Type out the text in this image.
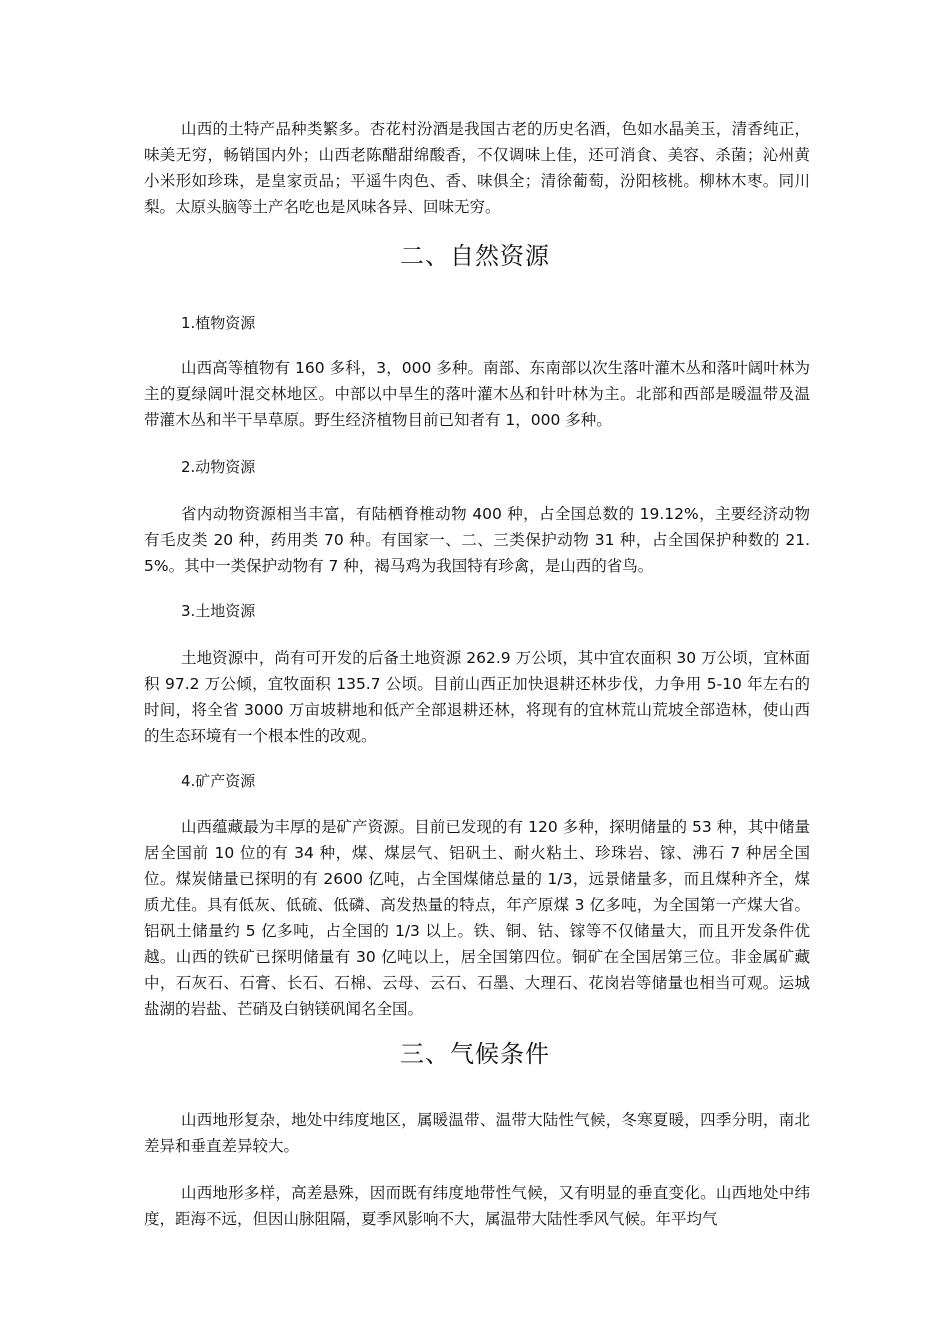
山西的土特产品种类繁多。杏花村汾酒是我国古老的历史名酒，色如水晶美玉，清香纯正，味美无穷，畅销国内外；山西老陈醋甜绵酸香，不仅调味上佳，还可消食、美容、杀菌；沁州黄小米形如珍珠，是皇家贡品；平遥牛肉色、香、味俱全；清徐葡萄，汾阳核桃。柳林木枣。同川梨。太原头脑等土产名吃也是风味各异、回味无穷。

二、自然资源

1.植物资源

山西高等植物有 160 多科，3，000 多种。南部、东南部以次生落叶灌木丛和落叶阔叶林为主的夏绿阔叶混交林地区。中部以中旱生的落叶灌木丛和针叶林为主。北部和西部是暖温带及温带灌木丛和半干旱草原。野生经济植物目前已知者有 1，000 多种。

2.动物资源

省内动物资源相当丰富，有陆栖脊椎动物 400 种，占全国总数的 19.12%，主要经济动物有毛皮类 20 种，药用类 70 种。有国家一、二、三类保护动物 31 种，占全国保护种数的 21.5%。其中一类保护动物有 7 种，褐马鸡为我国特有珍禽，是山西的省鸟。

3.土地资源

土地资源中，尚有可开发的后备土地资源 262.9 万公顷，其中宜农面积 30 万公顷，宜林面积 97.2 万公倾，宜牧面积 135.7 公顷。目前山西正加快退耕还林步伐，力争用 5-10 年左右的时间，将全省 3000 万亩坡耕地和低产全部退耕还林，将现有的宜林荒山荒坡全部造林，使山西的生态环境有一个根本性的改观。

4.矿产资源

山西蕴藏最为丰厚的是矿产资源。目前已发现的有 120 多种，探明储量的 53 种，其中储量居全国前 10 位的有 34 种，煤、煤层气、铝矾土、耐火粘土、珍珠岩、镓、沸石 7 种居全国位。煤炭储量已探明的有 2600 亿吨，占全国煤储总量的 1/3，远景储量多，而且煤种齐全，煤质尤佳。具有低灰、低硫、低磷、高发热量的特点，年产原煤 3 亿多吨，为全国第一产煤大省。铝矾土储量约 5 亿多吨，占全国的 1/3 以上。铁、铜、钴、镓等不仅储量大，而且开发条件优越。山西的铁矿已探明储量有 30 亿吨以上，居全国第四位。铜矿在全国居第三位。非金属矿藏中，石灰石、石膏、长石、石棉、云母、云石、石墨、大理石、花岗岩等储量也相当可观。运城盐湖的岩盐、芒硝及白钠镁矾闻名全国。

三、气候条件

山西地形复杂，地处中纬度地区，属暖温带、温带大陆性气候，冬寒夏暖，四季分明，南北差异和垂直差异较大。

山西地形多样，高差悬殊，因而既有纬度地带性气候，又有明显的垂直变化。山西地处中纬度，距海不远，但因山脉阻隔，夏季风影响不大，属温带大陆性季风气候。年平均气
